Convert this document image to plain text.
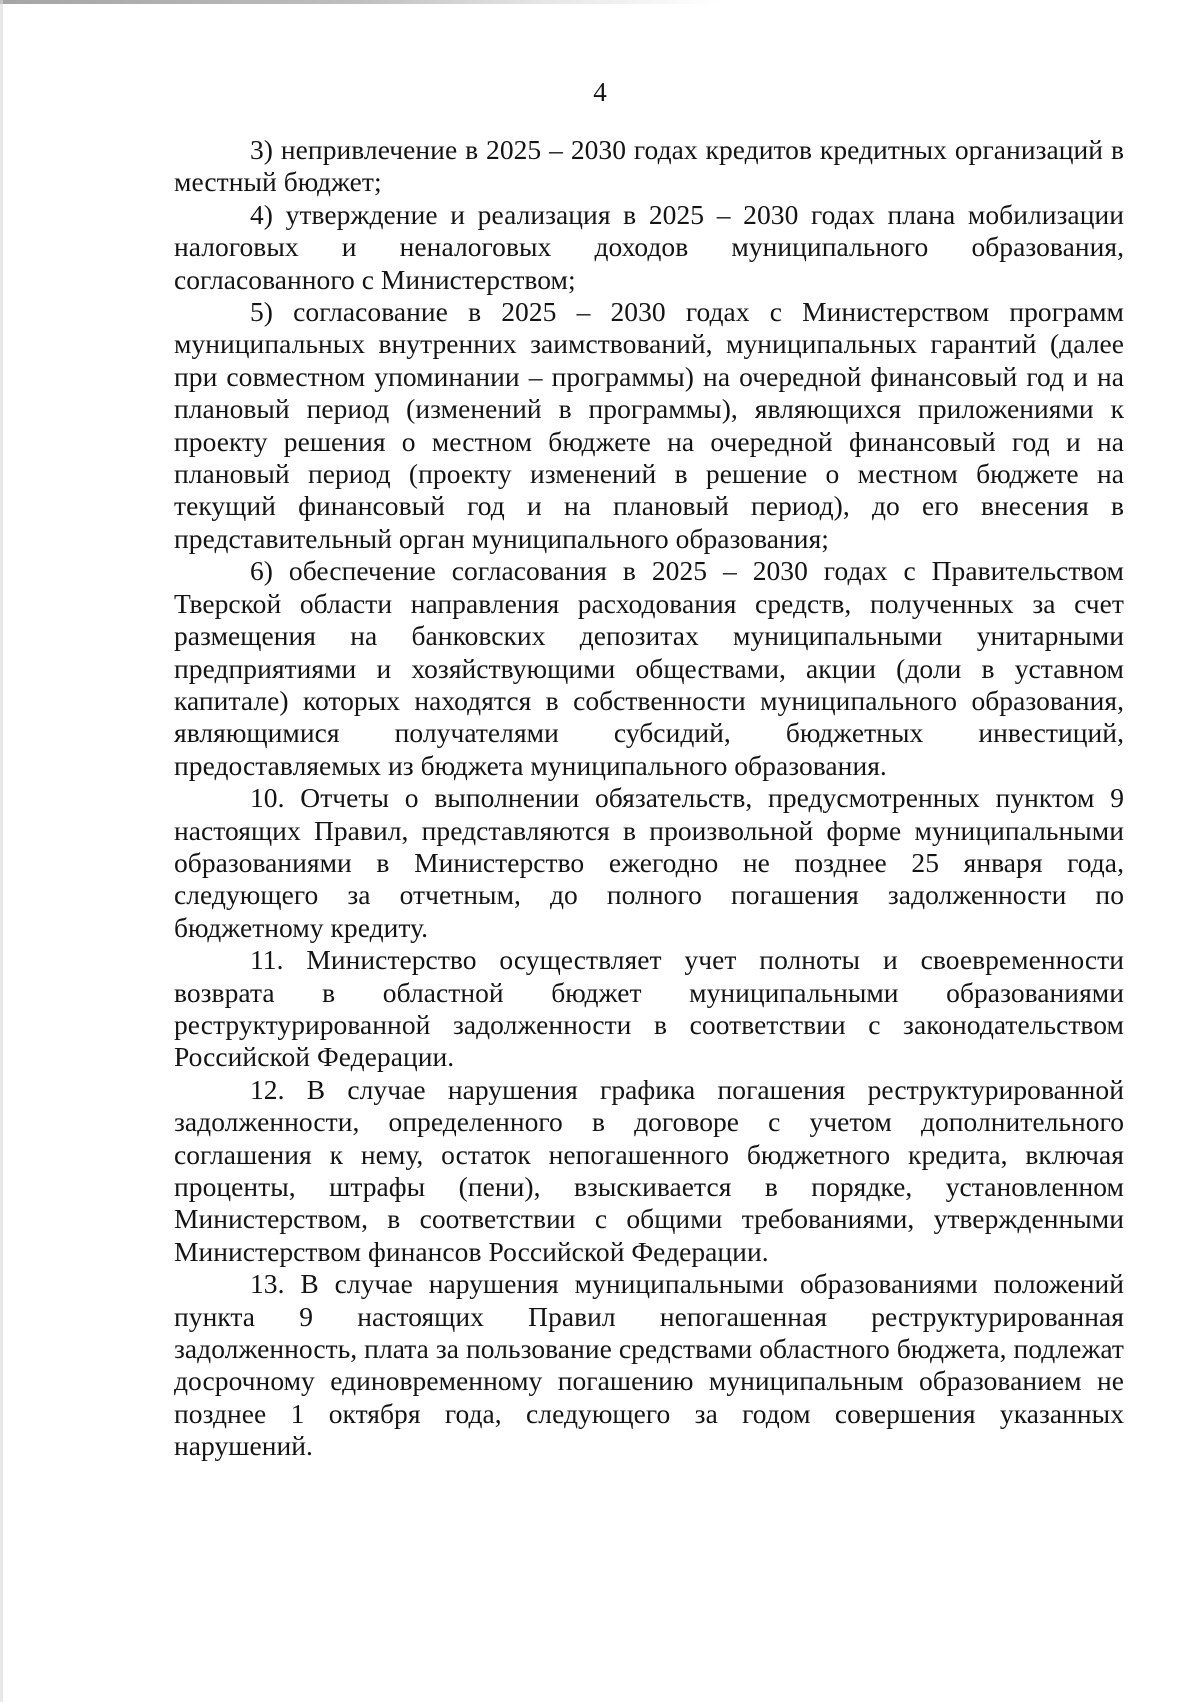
4

3) непривлечение в 2025 – 2030 годах кредитов кредитных организаций в местный бюджет;

4) утверждение и реализация в 2025 – 2030 годах плана мобилизации налоговых и неналоговых доходов муниципального образования, согласованного с Министерством;

5) согласование в 2025 – 2030 годах с Министерством программ муниципальных внутренних заимствований, муниципальных гарантий (далее при совместном упоминании – программы) на очередной финансовый год и на плановый период (изменений в программы), являющихся приложениями к проекту решения о местном бюджете на очередной финансовый год и на плановый период (проекту изменений в решение о местном бюджете на текущий финансовый год и на плановый период), до его внесения в представительный орган муниципального образования;

6) обеспечение согласования в 2025 – 2030 годах с Правительством Тверской области направления расходования средств, полученных за счет размещения на банковских депозитах муниципальными унитарными предприятиями и хозяйствующими обществами, акции (доли в уставном капитале) которых находятся в собственности муниципального образования, являющимися получателями субсидий, бюджетных инвестиций, предоставляемых из бюджета муниципального образования.

10. Отчеты о выполнении обязательств, предусмотренных пунктом 9 настоящих Правил, представляются в произвольной форме муниципальными образованиями в Министерство ежегодно не позднее 25 января года, следующего за отчетным, до полного погашения задолженности по бюджетному кредиту.

11. Министерство осуществляет учет полноты и своевременности возврата в областной бюджет муниципальными образованиями реструктурированной задолженности в соответствии с законодательством Российской Федерации.

12. В случае нарушения графика погашения реструктурированной задолженности, определенного в договоре с учетом дополнительного соглашения к нему, остаток непогашенного бюджетного кредита, включая проценты, штрафы (пени), взыскивается в порядке, установленном Министерством, в соответствии с общими требованиями, утвержденными Министерством финансов Российской Федерации.

13. В случае нарушения муниципальными образованиями положений пункта 9 настоящих Правил непогашенная реструктурированная задолженность, плата за пользование средствами областного бюджета, подлежат досрочному единовременному погашению муниципальным образованием не позднее 1 октября года, следующего за годом совершения указанных нарушений.
